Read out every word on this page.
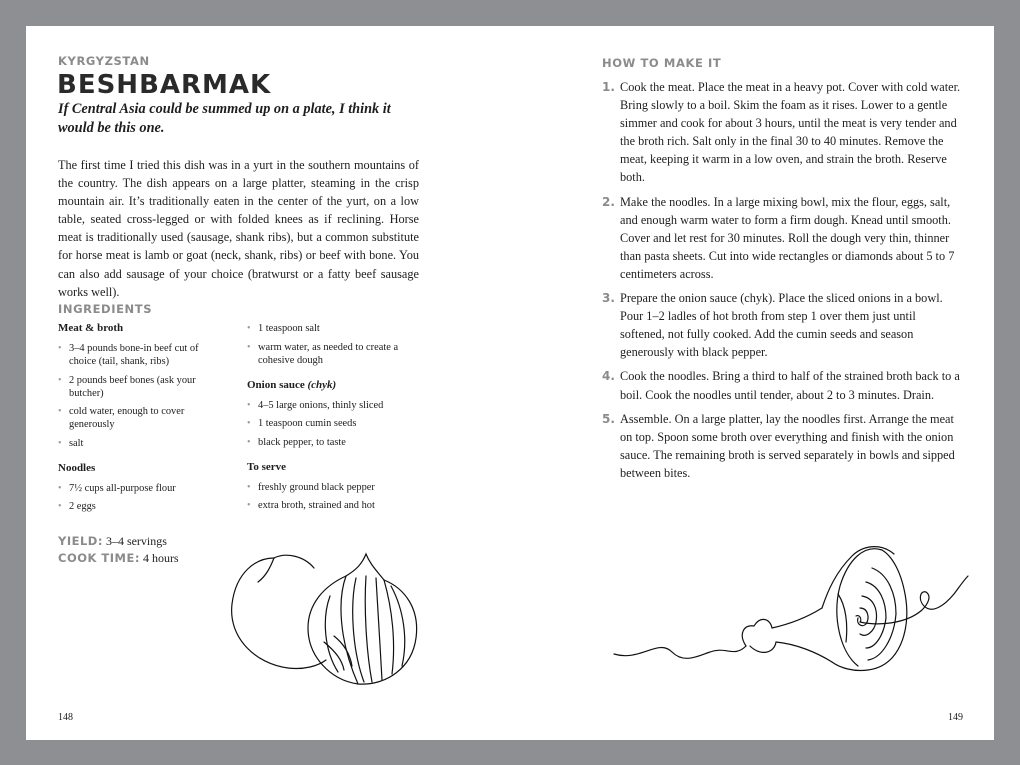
KYRGYZSTAN
BESHBARMAK
If Central Asia could be summed up on a plate, I think it would be this one.
The first time I tried this dish was in a yurt in the southern mountains of the country. The dish appears on a large platter, steaming in the crisp mountain air. It’s traditionally eaten in the center of the yurt, on a low table, seated cross-legged or with folded knees as if reclining. Horse meat is traditionally used (sausage, shank ribs), but a common substitute for horse meat is lamb or goat (neck, shank, ribs) or beef with bone. You can also add sausage of your choice (bratwurst or a fatty beef sausage works well).
INGREDIENTS
Meat & broth
• 3–4 pounds bone-in beef cut of choice (tail, shank, ribs)
• 2 pounds beef bones (ask your butcher)
• cold water, enough to cover generously
• salt
Noodles
• 7½ cups all-purpose flour
• 2 eggs
• 1 teaspoon salt
• warm water, as needed to create a cohesive dough
Onion sauce (chyk)
• 4–5 large onions, thinly sliced
• 1 teaspoon cumin seeds
• black pepper, to taste
To serve
• freshly ground black pepper
• extra broth, strained and hot
YIELD: 3–4 servings
COOK TIME: 4 hours
148
HOW TO MAKE IT
1. Cook the meat. Place the meat in a heavy pot. Cover with cold water. Bring slowly to a boil. Skim the foam as it rises. Lower to a gentle simmer and cook for about 3 hours, until the meat is very tender and the broth rich. Salt only in the final 30 to 40 minutes. Remove the meat, keeping it warm in a low oven, and strain the broth. Reserve both.
2. Make the noodles. In a large mixing bowl, mix the flour, eggs, salt, and enough warm water to form a firm dough. Knead until smooth. Cover and let rest for 30 minutes. Roll the dough very thin, thinner than pasta sheets. Cut into wide rectangles or diamonds about 5 to 7 centimeters across.
3. Prepare the onion sauce (chyk). Place the sliced onions in a bowl. Pour 1–2 ladles of hot broth from step 1 over them just until softened, not fully cooked. Add the cumin seeds and season generously with black pepper.
4. Cook the noodles. Bring a third to half of the strained broth back to a boil. Cook the noodles until tender, about 2 to 3 minutes. Drain.
5. Assemble. On a large platter, lay the noodles first. Arrange the meat on top. Spoon some broth over everything and finish with the onion sauce. The remaining broth is served separately in bowls and sipped between bites.
149
